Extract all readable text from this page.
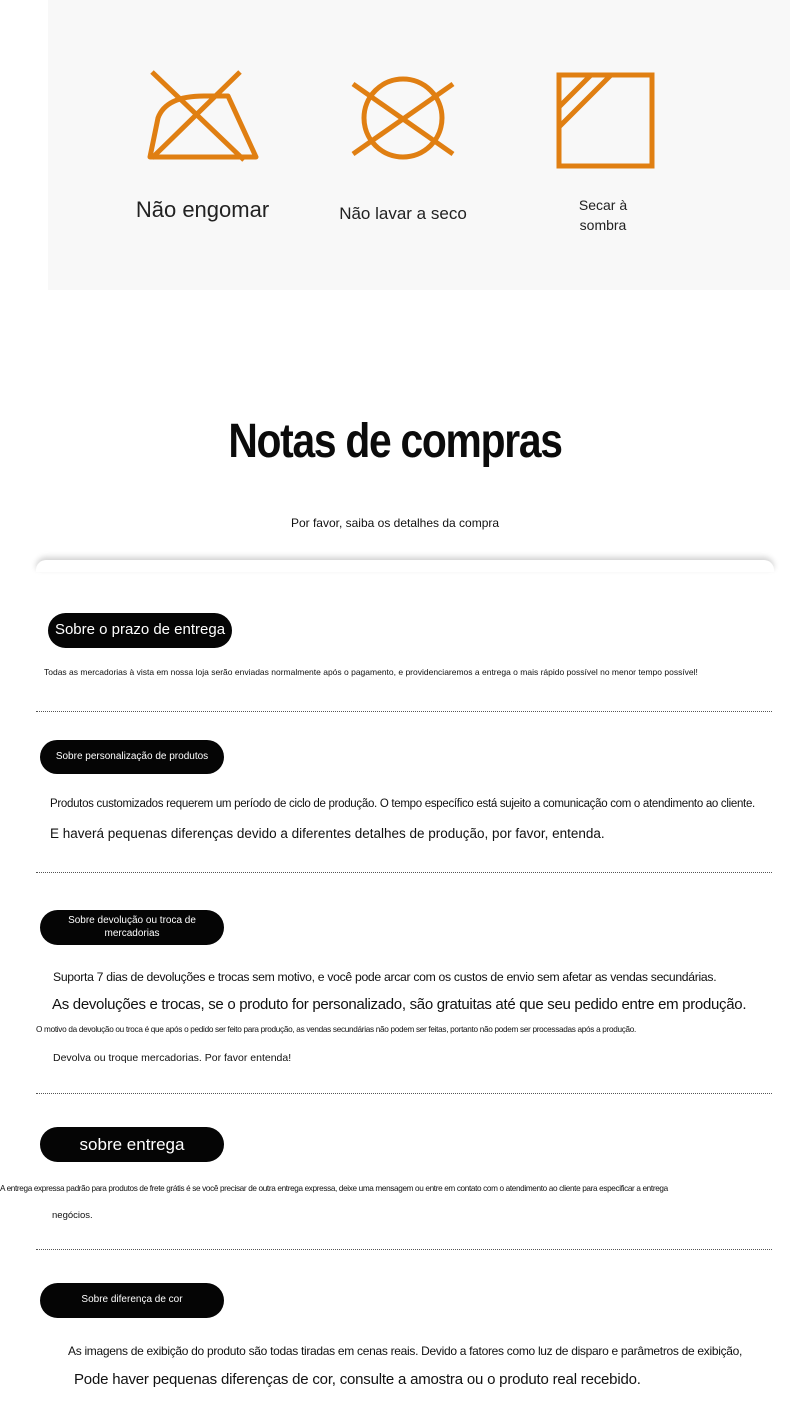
Não engomar	Não lavar a seco	Secar à
sombra
Notas de compras
Por favor, saiba os detalhes da compra
Sobre o prazo de entrega
Todas as mercadorias à vista em nossa loja serão enviadas normalmente após o pagamento, e providenciaremos a entrega o mais rápido possível no menor tempo possível!
Sobre personalização de produtos
Produtos customizados requerem um período de ciclo de produção. O tempo específico está sujeito a comunicação com o atendimento ao cliente.
E haverá pequenas diferenças devido a diferentes detalhes de produção, por favor, entenda.
Sobre devolução ou troca de
mercadorias
Suporta 7 dias de devoluções e trocas sem motivo, e você pode arcar com os custos de envio sem afetar as vendas secundárias.
As devoluções e trocas, se o produto for personalizado, são gratuitas até que seu pedido entre em produção.
O motivo da devolução ou troca é que após o pedido ser feito para produção, as vendas secundárias não podem ser feitas, portanto não podem ser processadas após a produção.
Devolva ou troque mercadorias. Por favor entenda!
sobre entrega
A entrega expressa padrão para produtos de frete grátis é se você precisar de outra entrega expressa, deixe uma mensagem ou entre em contato com o atendimento ao cliente para especificar a entrega
negócios.
Sobre diferença de cor
As imagens de exibição do produto são todas tiradas em cenas reais. Devido a fatores como luz de disparo e parâmetros de exibição,
Pode haver pequenas diferenças de cor, consulte a amostra ou o produto real recebido.
